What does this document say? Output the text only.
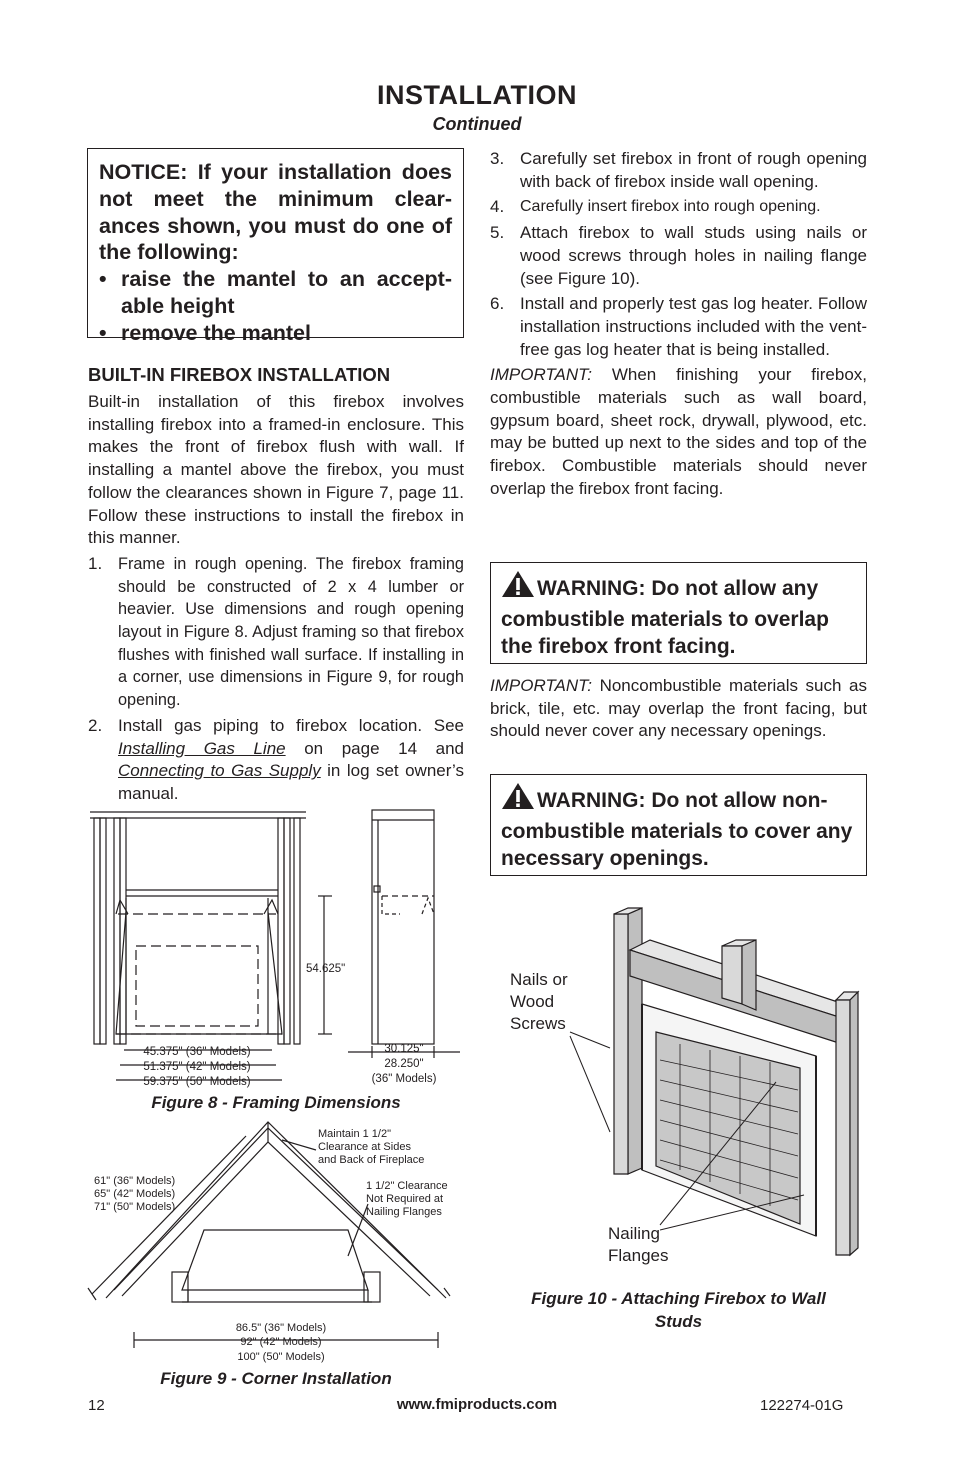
INSTALLATION
Continued
NOTICE: If your installation does not meet the minimum clear-ances shown, you must do one of the following:
• raise the mantel to an accept-able height
• remove the mantel
BUILT-IN FIREBOX INSTALLATION
Built-in installation of this firebox involves installing firebox into a framed-in enclosure. This makes the front of firebox flush with wall. If installing a mantel above the firebox, you must follow the clearances shown in Figure 7, page 11. Follow these instructions to install the firebox in this manner.
1. Frame in rough opening. The firebox framing should be constructed of 2 x 4 lumber or heavier. Use dimensions and rough opening layout in Figure 8. Adjust framing so that firebox flushes with finished wall surface. If installing in a corner, use dimensions in Figure 9, for rough opening.
2. Install gas piping to firebox location. See Installing Gas Line on page 14 and Connecting to Gas Supply in log set owner’s manual.
3. Carefully set firebox in front of rough opening with back of firebox inside wall opening.
4. Carefully insert firebox into rough opening.
5. Attach firebox to wall studs using nails or wood screws through holes in nailing flange (see Figure 10).
6. Install and properly test gas log heater. Follow installation instructions included with the vent-free gas log heater that is being installed.
IMPORTANT: When finishing your firebox, combustible materials such as wall board, gypsum board, sheet rock, drywall, plywood, etc. may be butted up next to the sides and top of the firebox. Combustible materials should never overlap the firebox front facing.
WARNING: Do not allow any combustible materials to overlap the firebox front facing.
IMPORTANT: Noncombustible materials such as brick, tile, etc. may overlap the front facing, but should never cover any necessary openings.
WARNING: Do not allow non-combustible materials to cover any necessary openings.
54.625"
45.375" (36" Models)
51.375" (42" Models)
59.375" (50" Models)
30.125"
28.250"
(36" Models)
Figure 8 - Framing Dimensions
Maintain 1 1/2"
Clearance at Sides
and Back of Fireplace
1 1/2" Clearance
Not Required at
Nailing Flanges
61" (36" Models)
65" (42" Models)
71" (50" Models)
86.5" (36" Models)
92" (42" Models)
100" (50" Models)
Figure 9 - Corner Installation
Nails or
Wood
Screws
Nailing
Flanges
Figure 10 - Attaching Firebox to Wall
Studs
12	www.fmiproducts.com	122274-01G
